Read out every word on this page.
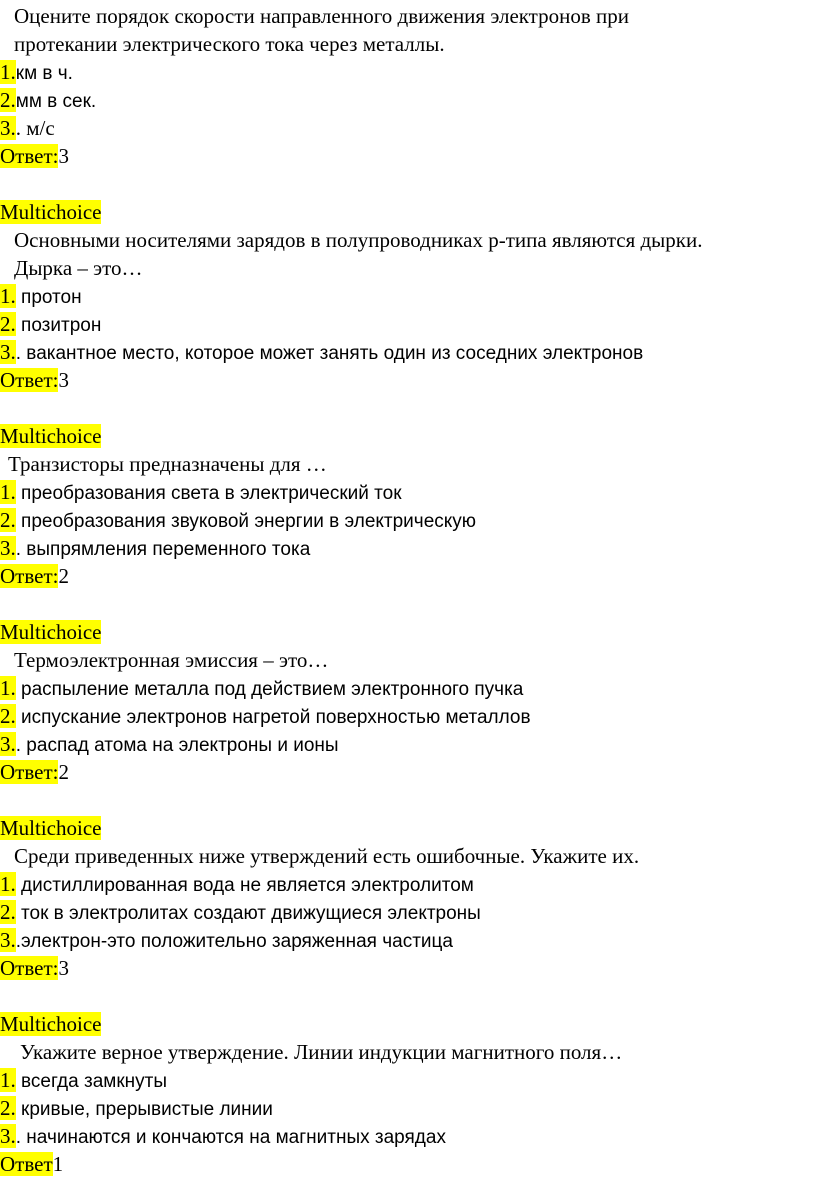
Оцените порядок скорости направленного движения электронов при
протекании электрического тока через металлы.
1.км в ч.
2.мм в сек.
3.. м/с
Ответ:3
Multichoice
Основными носителями зарядов в полупроводниках p-типа являются дырки.
Дырка – это…
1. протон
2. позитрон
3.. вакантное место, которое может занять один из соседних электронов
Ответ:3
Multichoice
Транзисторы предназначены для …
1. преобразования света в электрический ток
2. преобразования звуковой энергии в электрическую
3.. выпрямления переменного тока
Ответ:2
Multichoice
Термоэлектронная эмиссия – это…
1. распыление металла под действием электронного пучка
2. испускание электронов нагретой поверхностью металлов
3.. распад атома на электроны и ионы
Ответ:2
Multichoice
Среди приведенных ниже утверждений есть ошибочные. Укажите их.
1. дистиллированная вода не является электролитом
2. ток в электролитах создают движущиеся электроны
3..электрон-это положительно заряженная частица
Ответ:3
Multichoice
Укажите верное утверждение. Линии индукции магнитного поля…
1. всегда замкнуты
2. кривые, прерывистые линии
3.. начинаются и кончаются на магнитных зарядах
Ответ1
